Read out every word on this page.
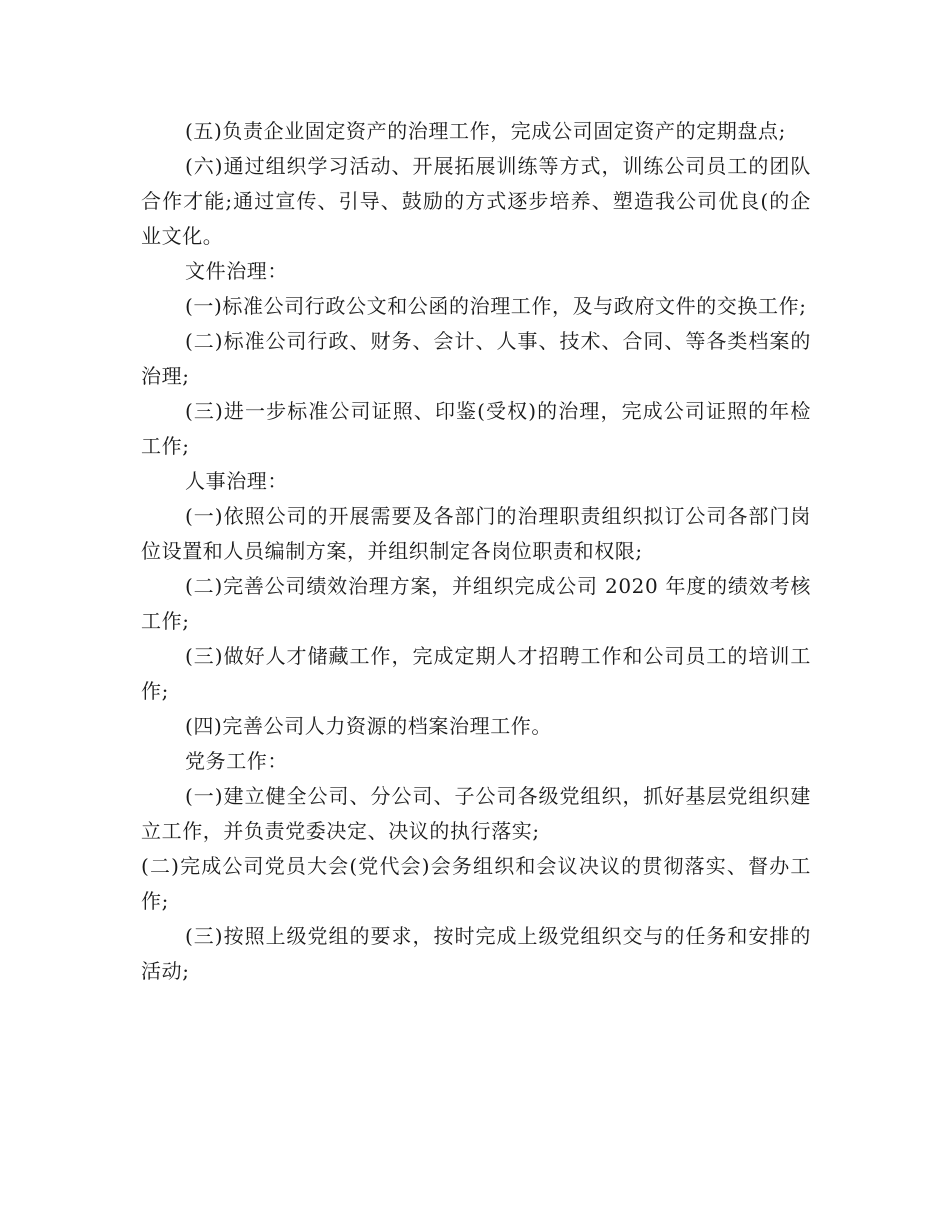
(五)负责企业固定资产的治理工作，完成公司固定资产的定期盘点;

(六)通过组织学习活动、开展拓展训练等方式，训练公司员工的团队合作才能;通过宣传、引导、鼓励的方式逐步培养、塑造我公司优良(的企业文化。

文件治理：

(一)标准公司行政公文和公函的治理工作，及与政府文件的交换工作;

(二)标准公司行政、财务、会计、人事、技术、合同、等各类档案的治理;

(三)进一步标准公司证照、印鉴(受权)的治理，完成公司证照的年检工作;

人事治理：

(一)依照公司的开展需要及各部门的治理职责组织拟订公司各部门岗位设置和人员编制方案，并组织制定各岗位职责和权限;

(二)完善公司绩效治理方案，并组织完成公司 2020 年度的绩效考核工作;

(三)做好人才储藏工作，完成定期人才招聘工作和公司员工的培训工作;

(四)完善公司人力资源的档案治理工作。

党务工作：

(一)建立健全公司、分公司、子公司各级党组织，抓好基层党组织建立工作，并负责党委决定、决议的执行落实;

(二)完成公司党员大会(党代会)会务组织和会议决议的贯彻落实、督办工作;

(三)按照上级党组的要求，按时完成上级党组织交与的任务和安排的活动;
